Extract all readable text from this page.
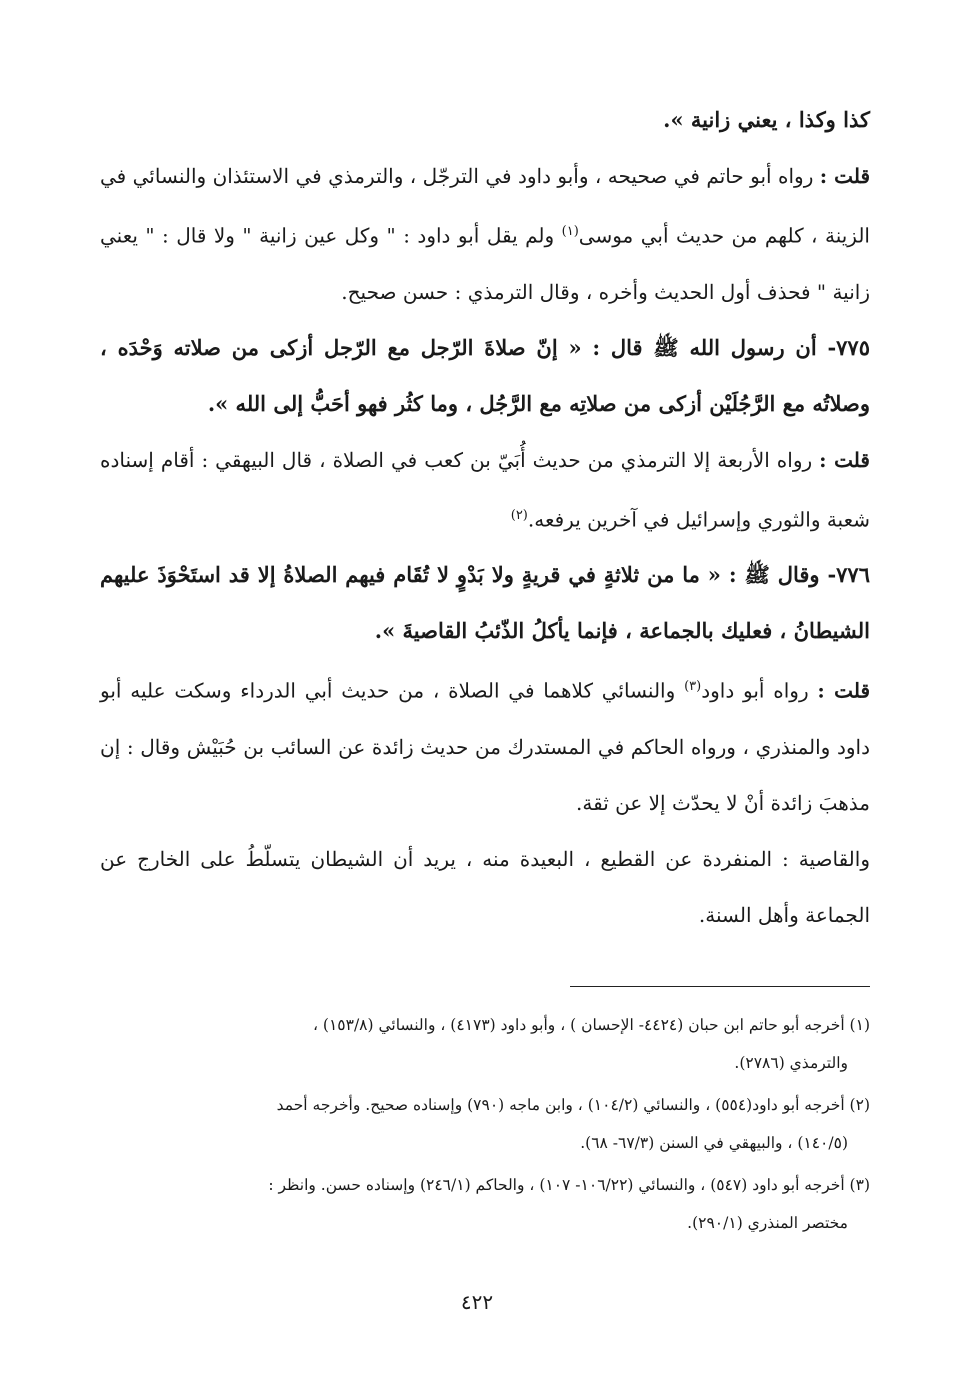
كذا وكذا ، يعني زانية ».

قلت : رواه أبو حاتم في صحيحه ، وأبو داود في الترجّل ، والترمذي في الاستئذان والنسائي في الزينة ، كلهم من حديث أبي موسى$^{(١)}$ ولم يقل أبو داود : " وكل عين زانية " ولا قال : " يعني زانية " فحذف أول الحديث وأخره ، وقال الترمذي : حسن صحيح.

٧٧٥- أن رسول الله ﷺ قال : « إنّ صلاةَ الرّجل مع الرّجل أزكى من صلاته وَحْدَه ، وصلاتُه مع الرَّجُلَيْن أزكى من صلاتِه مع الرَّجُل ، وما كثُر فهو أحَبُّ إلى الله ».

قلت : رواه الأربعة إلا الترمذي من حديث أُبَيّ بن كعب في الصلاة ، قال البيهقي : أقام إسناده شعبة والثوري وإسرائيل في آخرين يرفعه.$^{(٢)}$

٧٧٦- وقال ﷺ : « ما من ثلاثةٍ في قريةٍ ولا بَدْوٍ لا تُقَام فيهم الصلاةُ إلا قد استَحْوَذَ عليهم الشيطانُ ، فعليك بالجماعة ، فإنما يأكلُ الذّئبُ القاصيةَ ».

قلت : رواه أبو داود$^{(٣)}$ والنسائي كلاهما في الصلاة ، من حديث أبي الدرداء وسكت عليه أبو داود والمنذري ، ورواه الحاكم في المستدرك من حديث زائدة عن السائب بن حُبَيْش وقال : إن مذهبَ زائدة أنْ لا يحدّث إلا عن ثقة.

والقاصية : المنفردة عن القطيع ، البعيدة منه ، يريد أن الشيطان يتسلّطُ على الخارج عن الجماعة وأهل السنة.

(١) أخرجه أبو حاتم ابن حبان (٤٤٢٤- الإحسان ) ، وأبو داود (٤١٧٣) ، والنسائي (١٥٣/٨) ،
والترمذي (٢٧٨٦).

(٢) أخرجه أبو داود(٥٥٤) ، والنسائي (١٠٤/٢) ، وابن ماجه (٧٩٠) وإسناده صحيح. وأخرجه أحمد
(١٤٠/٥) ، والبيهقي في السنن (٦٧/٣- ٦٨).

(٣) أخرجه أبو داود (٥٤٧) ، والنسائي (١٠٦/٢٢- ١٠٧) ، والحاكم (٢٤٦/١) وإسناده حسن. وانظر :
مختصر المنذري (٢٩٠/١).

٤٢٢
